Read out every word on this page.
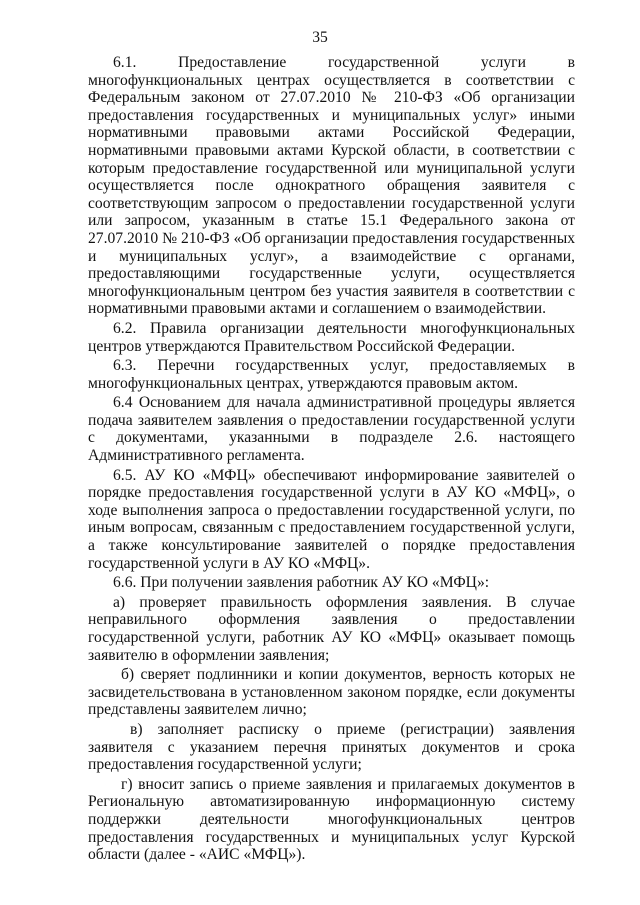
35

6.1. Предоставление государственной услуги в многофункциональных центрах осуществляется в соответствии с Федеральным законом от 27.07.2010 № 210-ФЗ «Об организации предоставления государственных и муниципальных услуг» иными нормативными правовыми актами Российской Федерации, нормативными правовыми актами Курской области, в соответствии с которым предоставление государственной или муниципальной услуги осуществляется после однократного обращения заявителя с соответствующим запросом о предоставлении государственной услуги или запросом, указанным в статье 15.1 Федерального закона от 27.07.2010 № 210-ФЗ «Об организации предоставления государственных и муниципальных услуг», а взаимодействие с органами, предоставляющими государственные услуги, осуществляется многофункциональным центром без участия заявителя в соответствии с нормативными правовыми актами и соглашением о взаимодействии.

6.2. Правила организации деятельности многофункциональных центров утверждаются Правительством Российской Федерации.

6.3. Перечни государственных услуг, предоставляемых в многофункциональных центрах, утверждаются правовым актом.

6.4 Основанием для начала административной процедуры является подача заявителем заявления о предоставлении государственной услуги с документами, указанными в подразделе 2.6. настоящего Административного регламента.

6.5. АУ КО «МФЦ» обеспечивают информирование заявителей о порядке предоставления государственной услуги в АУ КО «МФЦ», о ходе выполнения запроса о предоставлении государственной услуги, по иным вопросам, связанным с предоставлением государственной услуги, а также консультирование заявителей о порядке предоставления государственной услуги в АУ КО «МФЦ».

6.6. При получении заявления работник АУ КО «МФЦ»:

а) проверяет правильность оформления заявления. В случае неправильного оформления заявления о предоставлении государственной услуги, работник АУ КО «МФЦ» оказывает помощь заявителю в оформлении заявления;

б) сверяет подлинники и копии документов, верность которых не засвидетельствована в установленном законом порядке, если документы представлены заявителем лично;

в) заполняет расписку о приеме (регистрации) заявления заявителя с указанием перечня принятых документов и срока предоставления государственной услуги;

г) вносит запись о приеме заявления и прилагаемых документов в Региональную автоматизированную информационную систему поддержки деятельности многофункциональных центров предоставления государственных и муниципальных услуг Курской области (далее - «АИС «МФЦ»).
